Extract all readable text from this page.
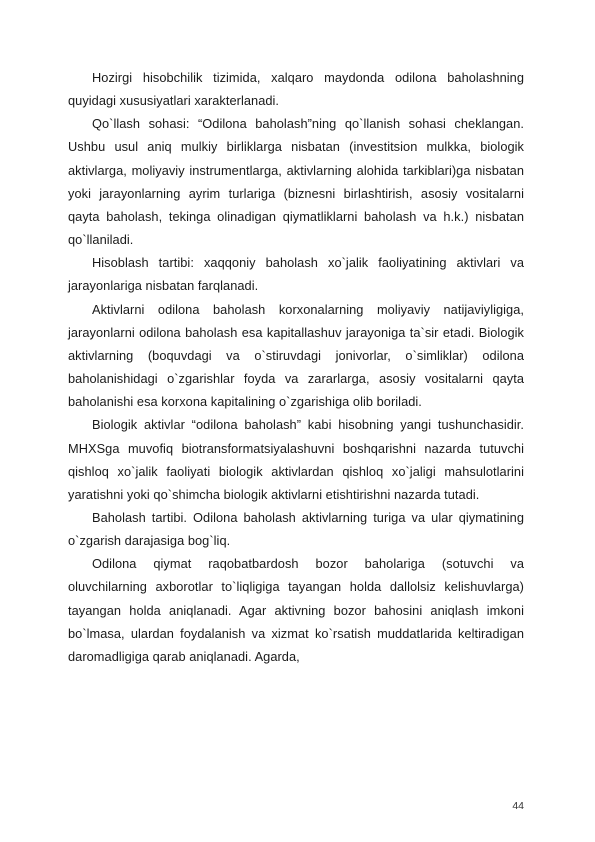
Hozirgi hisobchilik tizimida, xalqaro maydonda odilona baholashning quyidagi xususiyatlari xarakterlanadi.

Qo`llash sohasi: “Odilona baholash”ning qo`llanish sohasi cheklangan. Ushbu usul aniq mulkiy birliklarga nisbatan (investitsion mulkka, biologik aktivlarga, moliyaviy instrumentlarga, aktivlarning alohida tarkiblari)ga nisbatan yoki jarayonlarning ayrim turlariga (biznesni birlashtirish, asosiy vositalarni qayta baholash, tekinga olinadigan qiymatliklarni baholash va h.k.) nisbatan qo`llaniladi.

Hisoblash tartibi: xaqqoniy baholash xo`jalik faoliyatining aktivlari va jarayonlariga nisbatan farqlanadi.

Aktivlarni odilona baholash korxonalarning moliyaviy natijaviyligiga, jarayonlarni odilona baholash esa kapitallashuv jarayoniga ta`sir etadi. Biologik aktivlarning (boquvdagi va o`stiruvdagi jonivorlar, o`simliklar) odilona baholanishidagi o`zgarishlar foyda va zararlarga, asosiy vositalarni qayta baholanishi esa korxona kapitalining o`zgarishiga olib boriladi.

Biologik aktivlar “odilona baholash” kabi hisobning yangi tushunchasidir. MHXSga muvofiq biotransformatsiyalashuvni boshqarishni nazarda tutuvchi qishloq xo`jalik faoliyati biologik aktivlardan qishloq xo`jaligi mahsulotlarini yaratishni yoki qo`shimcha biologik aktivlarni etishtirishni nazarda tutadi.

Baholash tartibi. Odilona baholash aktivlarning turiga va ular qiymatining o`zgarish darajasiga bog`liq.

Odilona qiymat raqobatbardosh bozor baholariga (sotuvchi va oluvchilarning axborotlar to`liqligiga tayangan holda dallolsiz kelishuvlarga) tayangan holda aniqlanadi. Agar aktivning bozor bahosini aniqlash imkoni bo`lmasa, ulardan foydalanish va xizmat ko`rsatish muddatlarida keltiradigan daromadligiga qarab aniqlanadi. Agarda,

44
